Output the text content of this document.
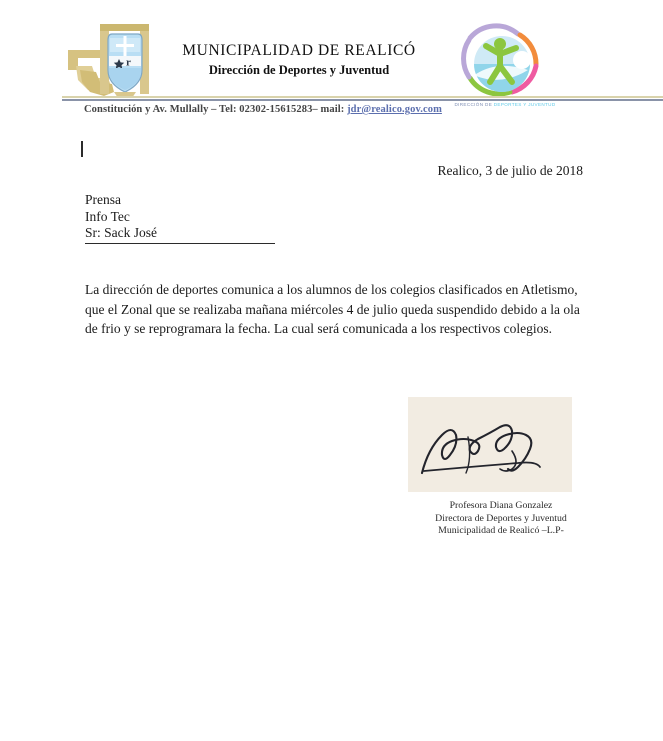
r
MUNICIPALIDAD DE REALICÓ
Dirección de Deportes y Juventud
DIRECCIÓN DE DEPORTES Y JUVENTUD
Constitución y Av. Mullally – Tel: 02302-15615283– mail: jdr@realico.gov.com
Realico, 3 de julio de 2018
Prensa
Info Tec
Sr: Sack José
La dirección de deportes comunica a los alumnos de los colegios clasificados en Atletismo, que el Zonal que se realizaba mañana miércoles 4 de julio queda suspendido debido a la ola de frio y se reprogramara la fecha. La cual será comunicada a los respectivos colegios.
Profesora Diana Gonzalez
Directora de Deportes y Juventud
Municipalidad de Realicó –L.P-
